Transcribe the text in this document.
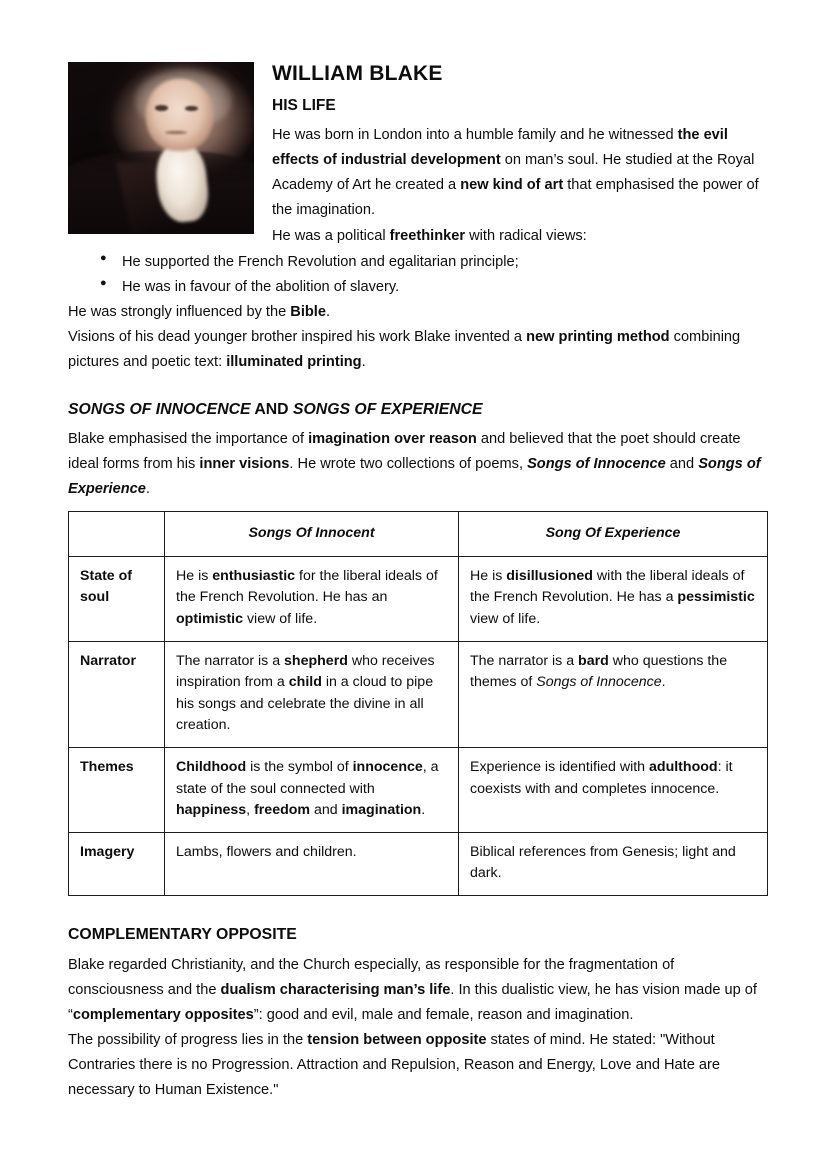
WILLIAM BLAKE
HIS LIFE

He was born in London into a humble family and he witnessed the evil effects of industrial development on man’s soul. He studied at the Royal Academy of Art he created a new kind of art that emphasised the power of the imagination.

He was a political freethinker with radical views:

● He supported the French Revolution and egalitarian principle;
● He was in favour of the abolition of slavery.

He was strongly influenced by the Bible.

Visions of his dead younger brother inspired his work Blake invented a new printing method combining pictures and poetic text: illuminated printing.

SONGS OF INNOCENCE AND SONGS OF EXPERIENCE

Blake emphasised the importance of imagination over reason and believed that the poet should create ideal forms from his inner visions. He wrote two collections of poems, Songs of Innocence and Songs of Experience.

	Songs Of Innocent	Song Of Experience
State of soul	He is enthusiastic for the liberal ideals of the French Revolution. He has an optimistic view of life.	He is disillusioned with the liberal ideals of the French Revolution. He has a pessimistic view of life.
Narrator	The narrator is a shepherd who receives inspiration from a child in a cloud to pipe his songs and celebrate the divine in all creation.	The narrator is a bard who questions the themes of Songs of Innocence.
Themes	Childhood is the symbol of innocence, a state of the soul connected with happiness, freedom and imagination.	Experience is identified with adulthood: it coexists with and completes innocence.
Imagery	Lambs, flowers and children.	Biblical references from Genesis; light and dark.
COMPLEMENTARY OPPOSITE

Blake regarded Christianity, and the Church especially, as responsible for the fragmentation of consciousness and the dualism characterising man’s life. In this dualistic view, he has vision made up of “complementary opposites”: good and evil, male and female, reason and imagination.

The possibility of progress lies in the tension between opposite states of mind. He stated: "Without Contraries there is no Progression. Attraction and Repulsion, Reason and Energy, Love and Hate are necessary to Human Existence."
